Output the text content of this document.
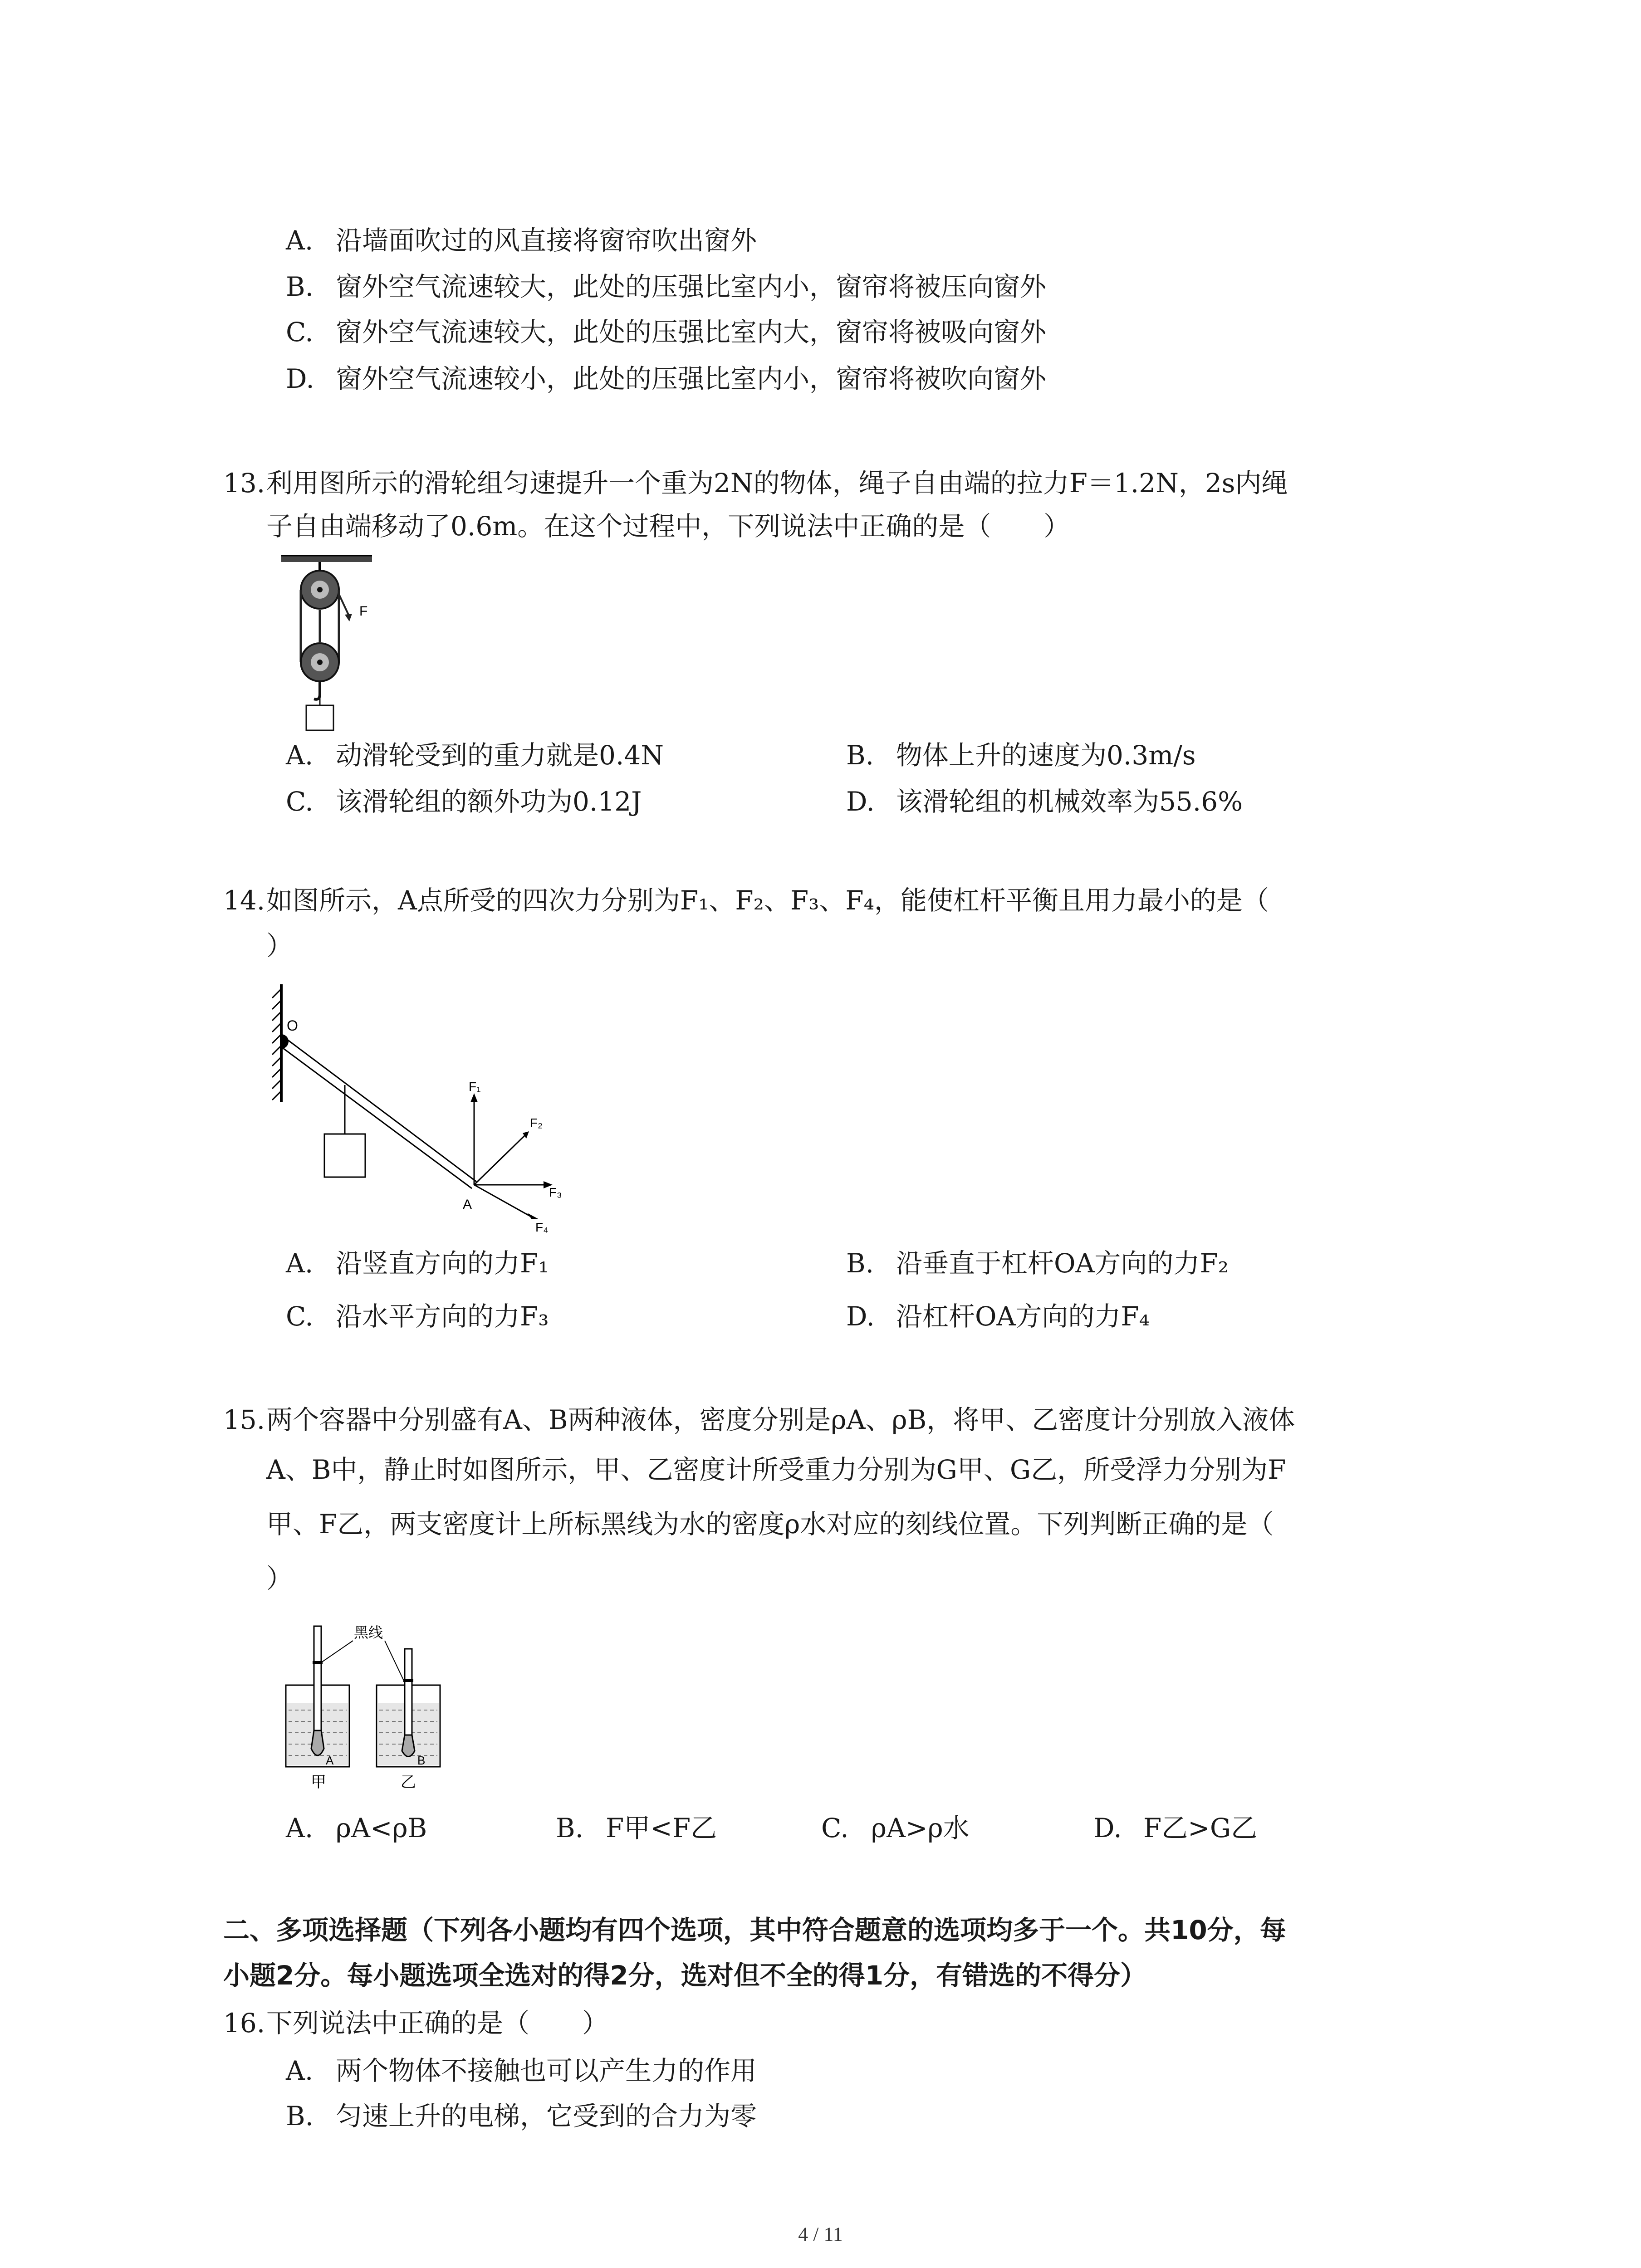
A. 沿墙面吹过的风直接将窗帘吹出窗外
B. 窗外空气流速较大，此处的压强比室内小，窗帘将被压向窗外
C. 窗外空气流速较大，此处的压强比室内大，窗帘将被吸向窗外
D. 窗外空气流速较小，此处的压强比室内小，窗帘将被吹向窗外
13.利用图所示的滑轮组匀速提升一个重为2N的物体，绳子自由端的拉力F＝1.2N，2s内绳
子自由端移动了0.6m。在这个过程中，下列说法中正确的是（　　）
F
A. 动滑轮受到的重力就是0.4N	B. 物体上升的速度为0.3m/s
C. 该滑轮组的额外功为0.12J	D. 该滑轮组的机械效率为55.6%
14.如图所示，A点所受的四次力分别为F₁、F₂、F₃、F₄，能使杠杆平衡且用力最小的是（
）
O
A
F₁
F₂
F₃
F₄
A. 沿竖直方向的力F₁	B. 沿垂直于杠杆OA方向的力F₂
C. 沿水平方向的力F₃	D. 沿杠杆OA方向的力F₄
15.两个容器中分别盛有A、B两种液体，密度分别是ρA、ρB，将甲、乙密度计分别放入液体
A、B中，静止时如图所示，甲、乙密度计所受重力分别为G甲、G乙，所受浮力分别为F
甲、F乙，两支密度计上所标黑线为水的密度ρ水对应的刻线位置。下列判断正确的是（
）
A
甲
B
乙
黑线
A. ρA<ρB	B. F甲<F乙	C. ρA>ρ水	D. F乙>G乙
二、多项选择题（下列各小题均有四个选项，其中符合题意的选项均多于一个。共10分，每
小题2分。每小题选项全选对的得2分，选对但不全的得1分，有错选的不得分）
16.下列说法中正确的是（　　）
A. 两个物体不接触也可以产生力的作用
B. 匀速上升的电梯，它受到的合力为零
4 / 11
